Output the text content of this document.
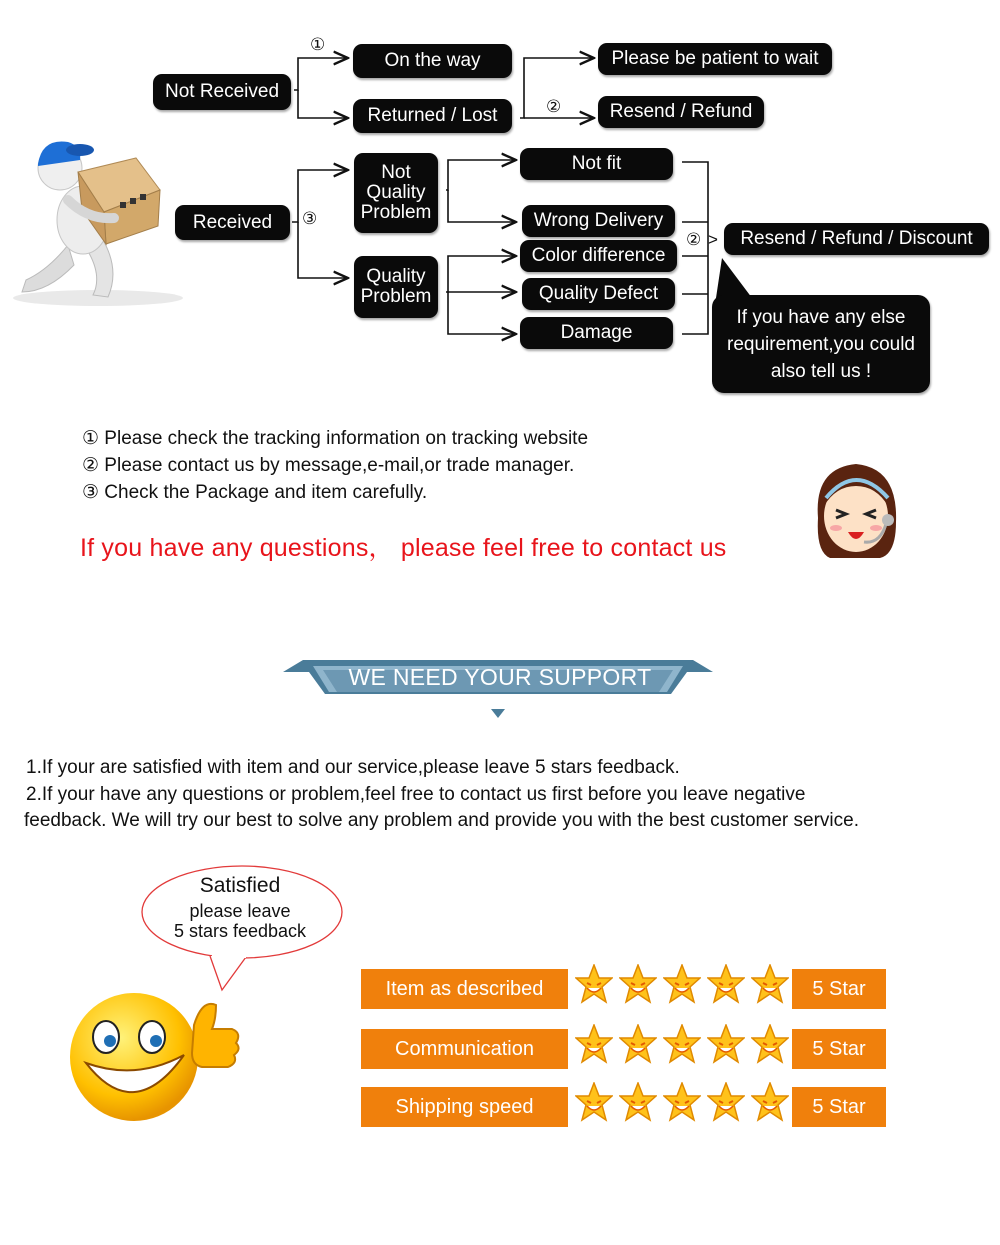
Not Received
①
On the way
Returned / Lost
Please be patient to wait
②	Resend / Refund
Received	③
Not
Quality
Problem
Quality
Problem
Not fit
Wrong Delivery
Color difference
Quality Defect
Damage
② >	Resend / Refund / Discount
If you have any else
requirement,you could
also tell us !
① Please check the tracking information on tracking website
② Please contact us by message,e-mail,or trade manager.
③ Check the Package and item carefully.
If you have any questions， please feel free to contact us
WE NEED YOUR SUPPORT
1.If your are satisfied with item and our service,please leave 5 stars feedback.
2.If your have any questions or problem,feel free to contact us first before you leave negative
feedback. We will try our best to solve any problem and provide you with the best customer service.
Satisfied
please leave
5 stars feedback
Item as described	5 Star
Communication	5 Star
Shipping speed	5 Star
